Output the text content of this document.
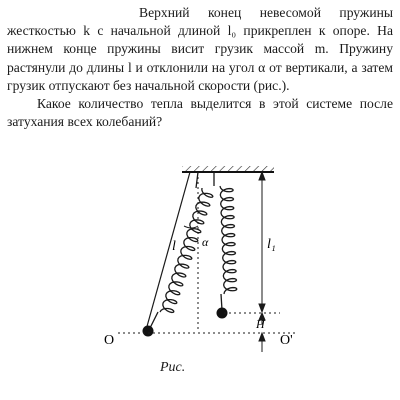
Верхний конец невесомой пружины жесткостью k с начальной длиной l₀ прикреплен к опоре. На нижнем конце пружины висит грузик массой m. Пружину растянули до длины l и отклонили на угол α от вертикали, а затем грузик отпускают без начальной скорости (рис.).

Какое количество тепла выделится в этой системе после затухания всех колебаний?

α
l	l₁
H
O	O'
Рис.
